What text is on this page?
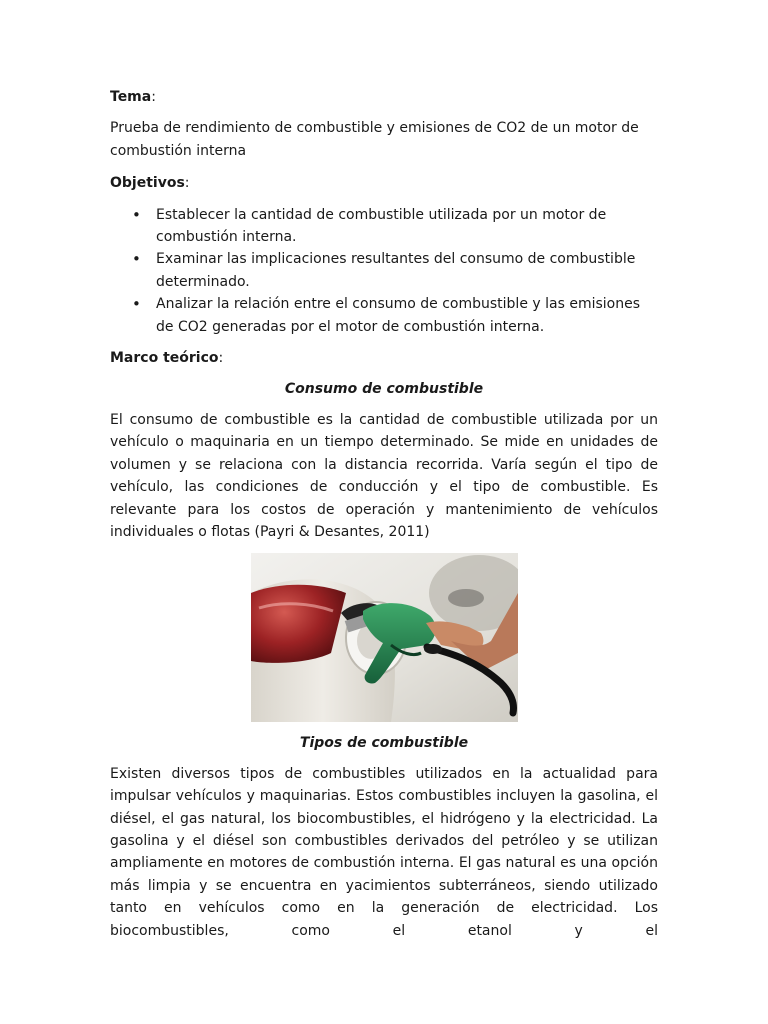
Tema:

Prueba de rendimiento de combustible y emisiones de CO2 de un motor de combustión interna

Objetivos:
• Establecer la cantidad de combustible utilizada por un motor de combustión interna.
• Examinar las implicaciones resultantes del consumo de combustible determinado.
• Analizar la relación entre el consumo de combustible y las emisiones de CO2 generadas por el motor de combustión interna.
Marco teórico:
Consumo de combustible

El consumo de combustible es la cantidad de combustible utilizada por un vehículo o maquinaria en un tiempo determinado. Se mide en unidades de volumen y se relaciona con la distancia recorrida. Varía según el tipo de vehículo, las condiciones de conducción y el tipo de combustible. Es relevante para los costos de operación y mantenimiento de vehículos individuales o flotas (Payri & Desantes, 2011)

Tipos de combustible

Existen diversos tipos de combustibles utilizados en la actualidad para impulsar vehículos y maquinarias. Estos combustibles incluyen la gasolina, el diésel, el gas natural, los biocombustibles, el hidrógeno y la electricidad. La gasolina y el diésel son combustibles derivados del petróleo y se utilizan ampliamente en motores de combustión interna. El gas natural es una opción más limpia y se encuentra en yacimientos subterráneos, siendo utilizado tanto en vehículos como en la generación de electricidad. Los biocombustibles, como el etanol y el
